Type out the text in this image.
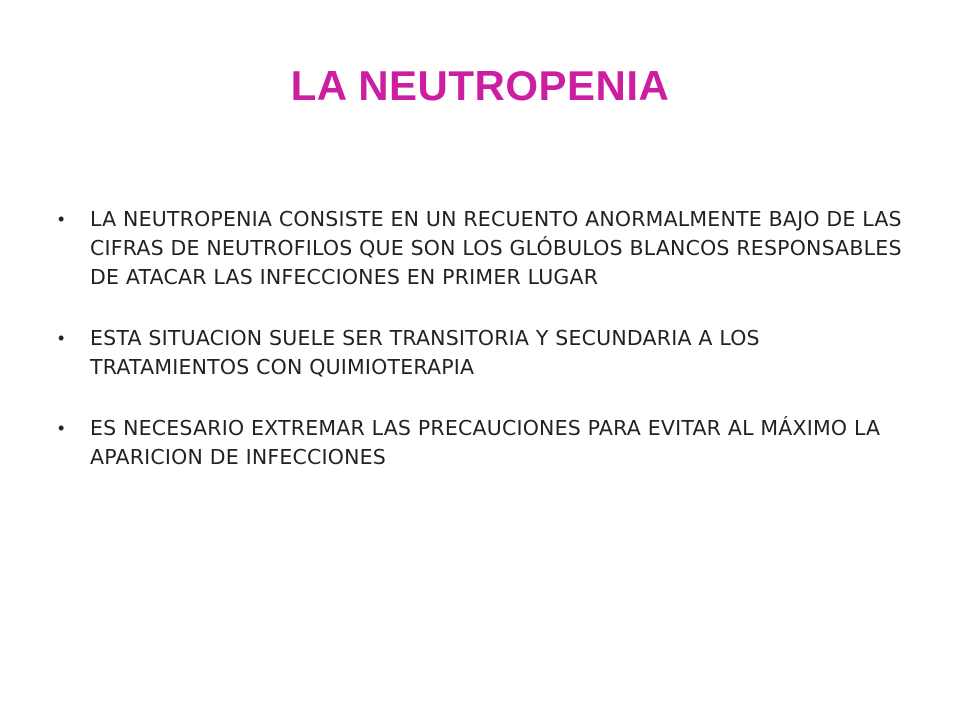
LA NEUTROPENIA
• LA NEUTROPENIA CONSISTE EN UN RECUENTO ANORMALMENTE BAJO DE LAS CIFRAS DE NEUTROFILOS QUE SON LOS GLÓBULOS BLANCOS RESPONSABLES DE ATACAR LAS INFECCIONES EN PRIMER LUGAR
• ESTA SITUACION SUELE SER TRANSITORIA Y SECUNDARIA A LOS TRATAMIENTOS CON QUIMIOTERAPIA
• ES NECESARIO EXTREMAR LAS PRECAUCIONES PARA EVITAR AL MÁXIMO LA APARICION DE INFECCIONES
